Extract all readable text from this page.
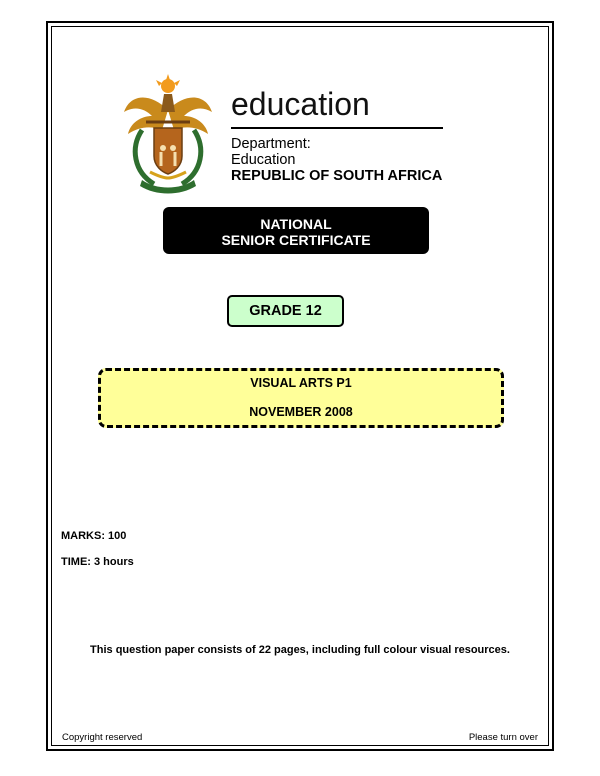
education
Department:
Education
REPUBLIC OF SOUTH AFRICA
NATIONAL
SENIOR CERTIFICATE
GRADE 12
VISUAL ARTS P1
NOVEMBER 2008
MARKS: 100
TIME: 3 hours
This question paper consists of 22 pages, including full colour visual resources.
Copyright reserved	Please turn over
